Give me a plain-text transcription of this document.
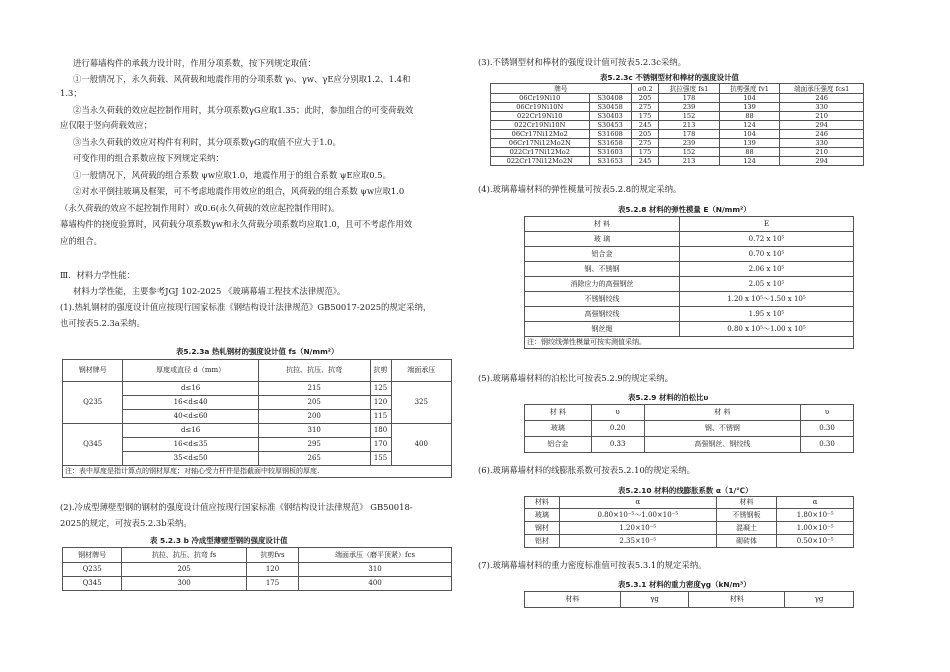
进行幕墙构件的承载力设计时，作用分项系数，按下列规定取值：
①一般情况下，永久荷载、风荷载和地震作用的分项系数 γ₀、γw、γE应分别取1.2、1.4和
1.3；
②当永久荷载的效应起控制作用时，其分项系数γG应取1.35；此时，参加组合的可变荷载效
应仅限于竖向荷载效应；
③当永久荷载的效应对构件有利时，其分项系数γG的取值不应大于1.0。
可变作用的组合系数应按下列规定采纳：
①一般情况下，风荷载的组合系数 ψw应取1.0，地震作用于的组合系数 ψE应取0.5。
②对水平倒挂玻璃及框架，可不考虑地震作用效应的组合，风荷载的组合系数 ψw应取1.0
（永久荷载的效应不起控制作用时）或0.6(永久荷载的效应起控制作用时)。
幕墙构件的挠度验算时，风荷载分项系数γw和永久荷载分项系数均应取1.0，且可不考虑作用效
应的组合。
Ⅲ．材料力学性能：
材料力学性能，主要参考JGJ 102-2025 《玻璃幕墙工程技术法律规范》。
(1).热轧钢材的强度设计值应按现行国家标准《钢结构设计法律规范》GB50017-2025的规定采纳，
也可按表5.2.3a采纳。
表5.2.3a 热轧钢材的强度设计值 fs（N/mm²）
钢材牌号	厚度或直径 d（mm）	抗拉、抗压、抗弯	抗剪	端面承压
Q235	d≤16	215	125	325
	16<d≤40	205	120	
	40<d≤60	200	115	
Q345	d≤16	310	180	400
	16<d≤35	295	170	
	35<d≤50	265	155	
注：表中厚度是指计算点的钢材厚度；对轴心受力杆件是指截面中较厚钢板的厚度.				
(2).冷成型薄壁型钢的钢材的强度设计值应按现行国家标准《钢结构设计法律规范》 GB50018-
2025的规定，可按表5.2.3b采纳。
表 5.2.3 b 冷成型薄壁型钢的强度设计值
钢材牌号	抗拉、抗压、抗弯 fs	抗剪fvs	端面承压（磨平顶紧）fcs
Q235	205	120	310
Q345	300	175	400
(3).不锈钢型材和棒材的强度设计值可按表5.2.3c采纳。
表5.2.3c 不锈钢型材和棒材的强度设计值
牌号		σ0.2	抗拉强度 fs1	抗剪强度 fv1	端面承压强度 fcs1
06Cr19Ni10	S30408	205	178	104	246
06Cr19Ni10N	S30458	275	239	139	330
022Cr19Ni10	S30403	175	152	88	210
022Cr19Ni10N	S30453	245	213	124	294
06Cr17Ni12Mo2	S31608	205	178	104	246
06Cr17Ni12Mo2N	S31658	275	239	139	330
022Cr17Ni12Mo2	S31603	175	152	88	210
022Cr17Ni12Mo2N	S31653	245	213	124	294
(4).玻璃幕墙材料的弹性模量可按表5.2.8的规定采纳。
表5.2.8 材料的弹性模量 E（N/mm²）
材 料	E
玻 璃	0.72 x 10⁵
铝合金	0.70 x 10⁵
钢、不锈钢	2.06 x 10⁵
消除应力的高强钢丝	2.05 x 10⁵
不锈钢绞线	1.20 x 10⁵～1.50 x 10⁵
高强钢绞线	1.95 x 10⁵
钢丝绳	0.80 x 10⁵～1.00 x 10⁵
注：钢绞线弹性模量可按实测值采纳。	
(5).玻璃幕墙材料的泊松比可按表5.2.9的规定采纳。
表5.2.9 材料的泊松比υ
材 料	υ	材 料	υ
玻璃	0.20	钢、不锈钢	0.30
铝合金	0.33	高强钢丝、钢绞线	0.30
(6).玻璃幕墙材料的线膨胀系数可按表5.2.10的规定采纳。
表5.2.10 材料的线膨胀系数 α（1/℃）
材料	α	材料	α
玻璃	0.80×10⁻⁵～1.00×10⁻⁵	不锈钢板	1.80×10⁻⁵
钢材	1.20×10⁻⁵	混凝土	1.00×10⁻⁵
铝材	2.35×10⁻⁵	砌砖体	0.50×10⁻⁵
(7).玻璃幕墙材料的重力密度标准值可按表5.3.1的规定采纳。
表5.3.1 材料的重力密度γg（kN/m³）
材料	γg	材料	γg
